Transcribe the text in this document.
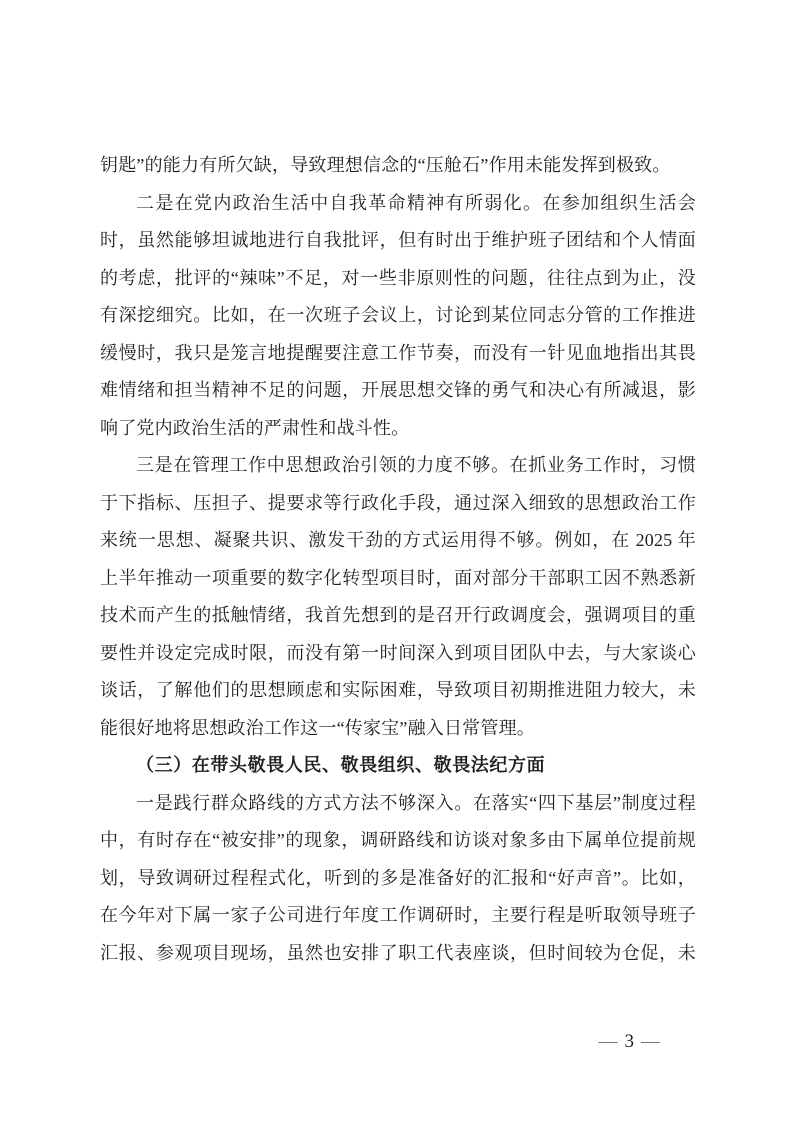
钥匙”的能力有所欠缺，导致理想信念的“压舱石”作用未能发挥到极致。
二是在党内政治生活中自我革命精神有所弱化。在参加组织生活会
时，虽然能够坦诚地进行自我批评，但有时出于维护班子团结和个人情面
的考虑，批评的“辣味”不足，对一些非原则性的问题，往往点到为止，没
有深挖细究。比如，在一次班子会议上，讨论到某位同志分管的工作推进
缓慢时，我只是笼言地提醒要注意工作节奏，而没有一针见血地指出其畏
难情绪和担当精神不足的问题，开展思想交锋的勇气和决心有所减退，影
响了党内政治生活的严肃性和战斗性。
三是在管理工作中思想政治引领的力度不够。在抓业务工作时，习惯
于下指标、压担子、提要求等行政化手段，通过深入细致的思想政治工作
来统一思想、凝聚共识、激发干劲的方式运用得不够。例如，在 2025 年
上半年推动一项重要的数字化转型项目时，面对部分干部职工因不熟悉新
技术而产生的抵触情绪，我首先想到的是召开行政调度会，强调项目的重
要性并设定完成时限，而没有第一时间深入到项目团队中去，与大家谈心
谈话，了解他们的思想顾虑和实际困难，导致项目初期推进阻力较大，未
能很好地将思想政治工作这一“传家宝”融入日常管理。
（三）在带头敬畏人民、敬畏组织、敬畏法纪方面
一是践行群众路线的方式方法不够深入。在落实“四下基层”制度过程
中，有时存在“被安排”的现象，调研路线和访谈对象多由下属单位提前规
划，导致调研过程程式化，听到的多是准备好的汇报和“好声音”。比如，
在今年对下属一家子公司进行年度工作调研时，主要行程是听取领导班子
汇报、参观项目现场，虽然也安排了职工代表座谈，但时间较为仓促，未
— 3 —
